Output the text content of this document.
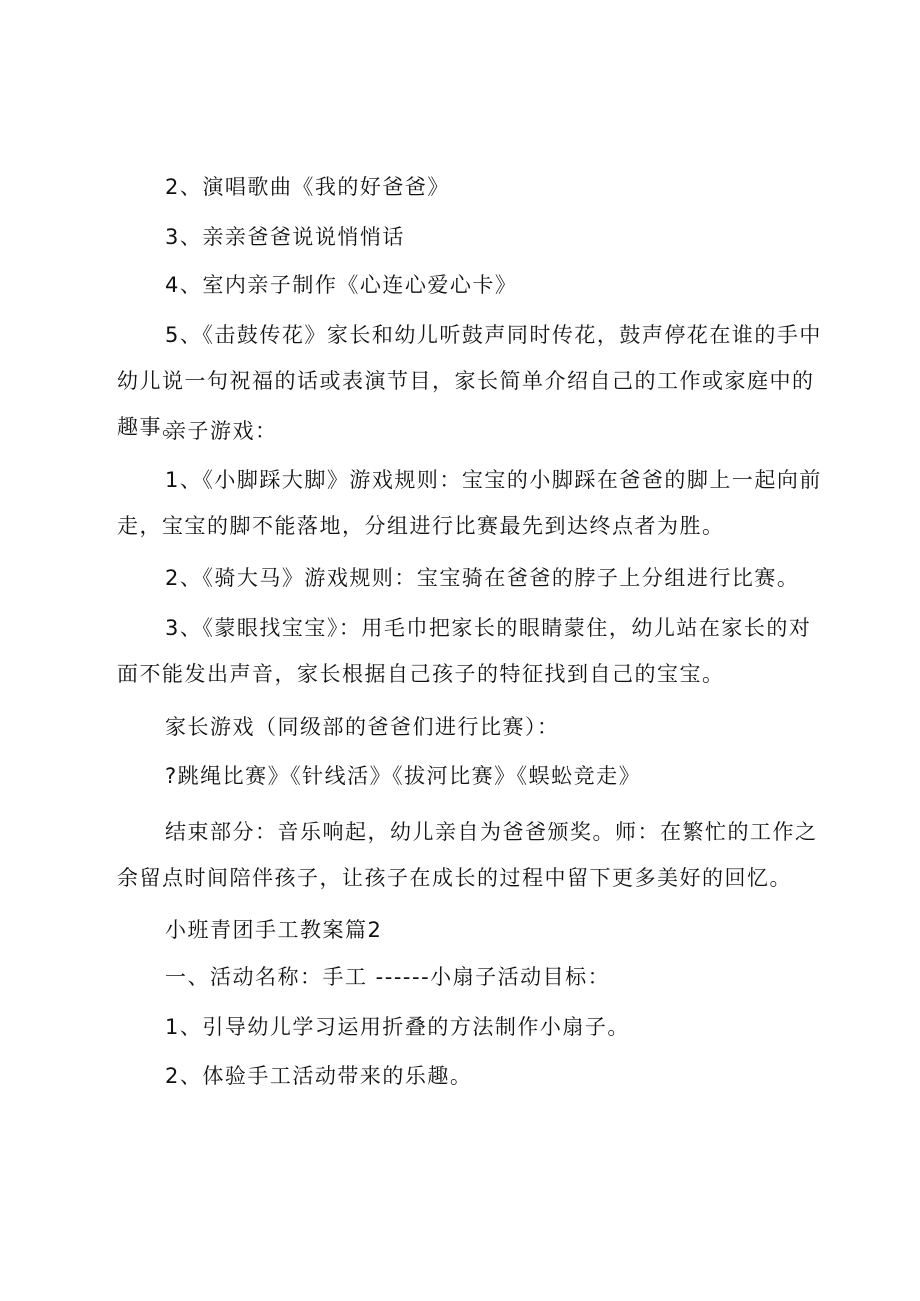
2、演唱歌曲《我的好爸爸》

3、亲亲爸爸说说悄悄话

4、室内亲子制作《心连心爱心卡》

5、《击鼓传花》家长和幼儿听鼓声同时传花，鼓声停花在谁的手中幼儿说一句祝福的话或表演节目，家长简单介绍自己的工作或家庭中的趣事。

亲子游戏：

1、《小脚踩大脚》游戏规则：宝宝的小脚踩在爸爸的脚上一起向前走，宝宝的脚不能落地，分组进行比赛最先到达终点者为胜。

2、《骑大马》游戏规则：宝宝骑在爸爸的脖子上分组进行比赛。

3、《蒙眼找宝宝》：用毛巾把家长的眼睛蒙住，幼儿站在家长的对面不能发出声音，家长根据自己孩子的特征找到自己的宝宝。

家长游戏（同级部的爸爸们进行比赛）：

?跳绳比赛》《针线活》《拔河比赛》《蜈蚣竞走》

结束部分：音乐响起，幼儿亲自为爸爸颁奖。师：在繁忙的工作之余留点时间陪伴孩子，让孩子在成长的过程中留下更多美好的回忆。

小班青团手工教案篇2

一、活动名称：手工 ------小扇子活动目标：

1、引导幼儿学习运用折叠的方法制作小扇子。

2、体验手工活动带来的乐趣。
